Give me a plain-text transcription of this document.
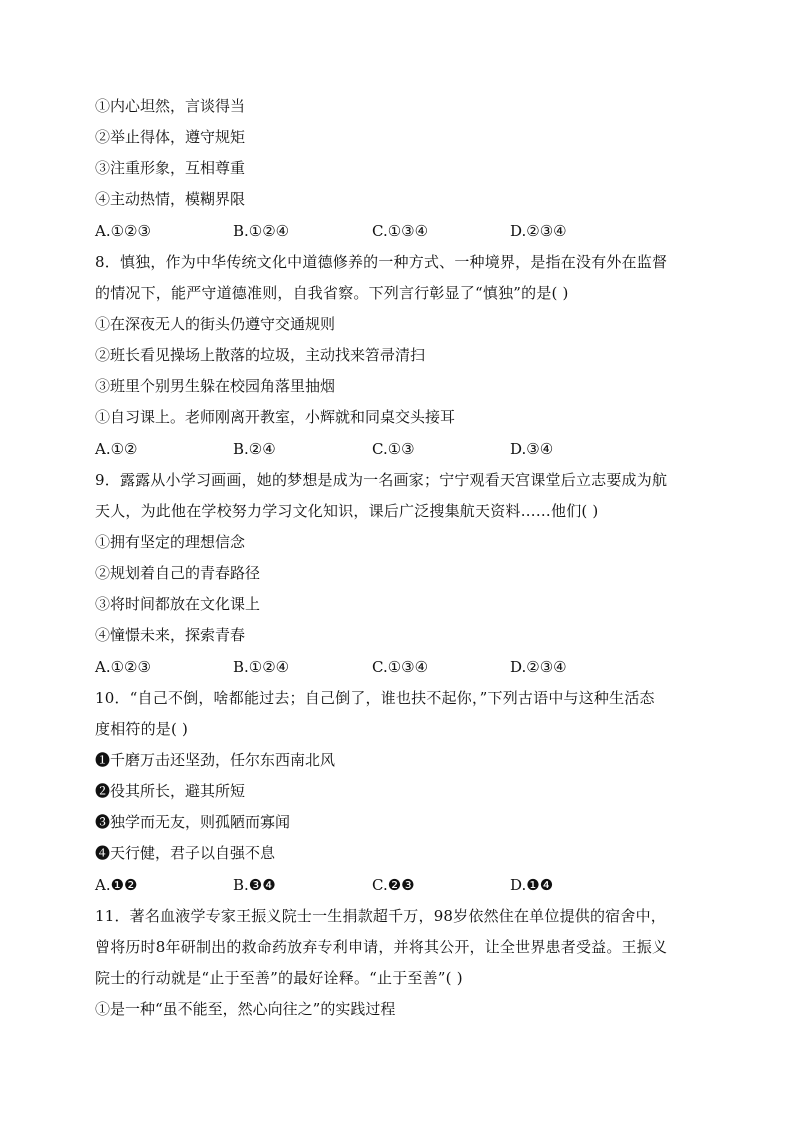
①内心坦然，言谈得当

②举止得体，遵守规矩

③注重形象，互相尊重

④主动热情，模糊界限

A.①②③	B.①②④	C.①③④	D.②③④

8．慎独，作为中华传统文化中道德修养的一种方式、一种境界，是指在没有外在监督

的情况下，能严守道德准则，自我省察。下列言行彰显了“慎独”的是( )

①在深夜无人的街头仍遵守交通规则

②班长看见操场上散落的垃圾，主动找来笤帚清扫

③班里个别男生躲在校园角落里抽烟

①自习课上。老师刚离开教室，小辉就和同桌交头接耳

A.①②	B.②④	C.①③	D.③④

9．露露从小学习画画，她的梦想是成为一名画家；宁宁观看天宫课堂后立志要成为航

天人，为此他在学校努力学习文化知识，课后广泛搜集航天资料……他们( )

①拥有坚定的理想信念

②规划着自己的青春路径

③将时间都放在文化课上

④憧憬未来，探索青春

A.①②③	B.①②④	C.①③④	D.②③④

10．“自己不倒，啥都能过去；自己倒了，谁也扶不起你，”下列古语中与这种生活态

度相符的是( )

❶千磨万击还坚劲，任尔东西南北风

❷役其所长，避其所短

❸独学而无友，则孤陋而寡闻

❹天行健，君子以自强不息

A.❶❷	B.❸❹	C.❷❸	D.❶❹

11．著名血液学专家王振义院士一生捐款超千万，98岁依然住在单位提供的宿舍中，

曾将历时8年研制出的救命药放弃专利申请，并将其公开，让全世界患者受益。王振义

院士的行动就是“止于至善”的最好诠释。“止于至善”( )

①是一种“虽不能至，然心向往之”的实践过程
